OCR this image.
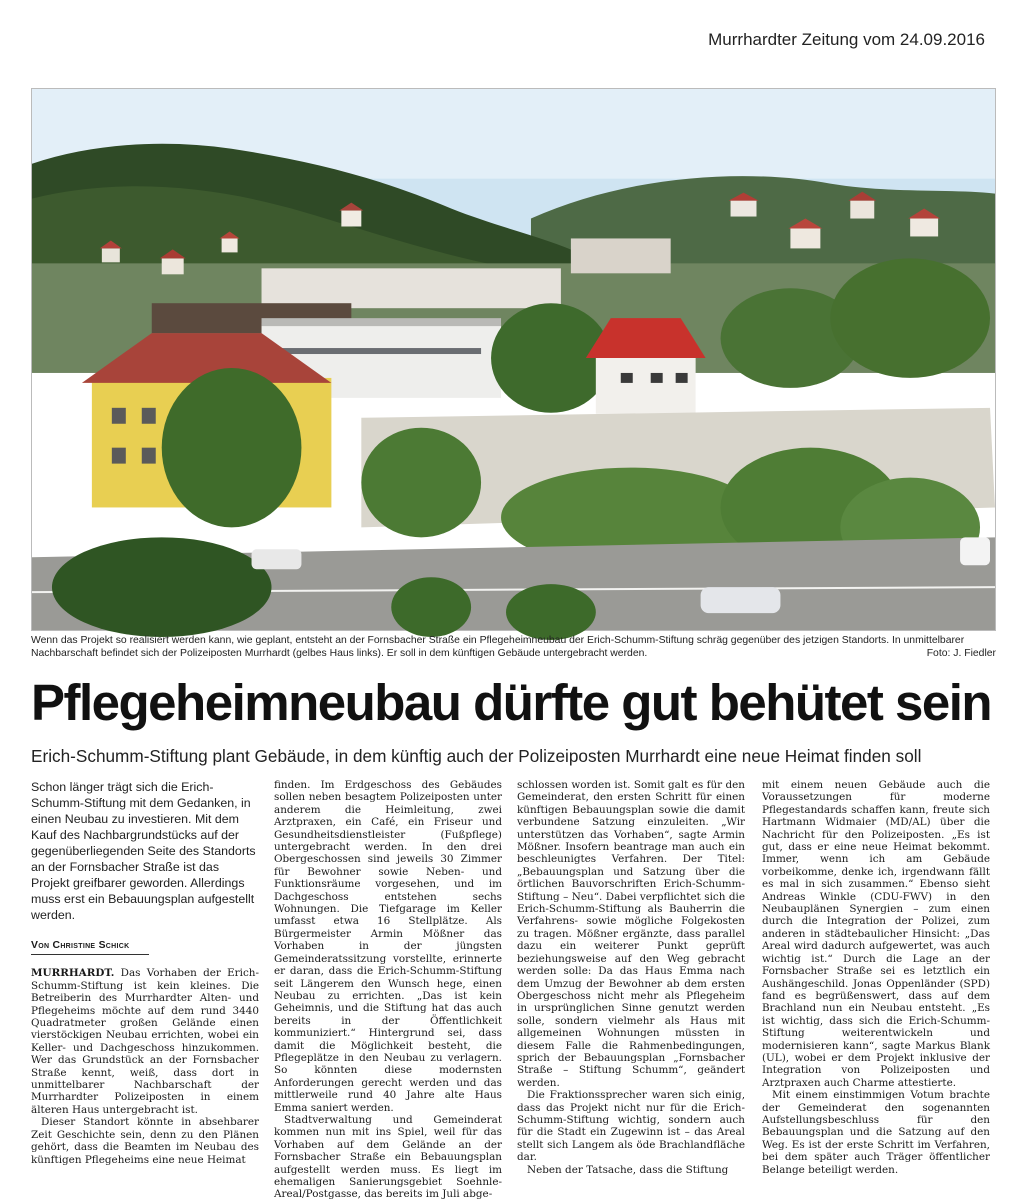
Murrhardter Zeitung vom 24.09.2016
Wenn das Projekt so realisiert werden kann, wie geplant, entsteht an der Fornsbacher Straße ein Pflegeheimneubau der Erich-Schumm-Stiftung schräg gegenüber des jetzigen Standorts. In unmittelbarer Nachbarschaft befindet sich der Polizeiposten Murrhardt (gelbes Haus links). Er soll in dem künftigen Gebäude untergebracht werden.	Foto: J. Fiedler
Pflegeheimneubau dürfte gut behütet sein
Erich-Schumm-Stiftung plant Gebäude, in dem künftig auch der Polizeiposten Murrhardt eine neue Heimat finden soll

Schon länger trägt sich die Erich-Schumm-Stiftung mit dem Gedanken, in einen Neubau zu investieren. Mit dem Kauf des Nachbargrundstücks auf der gegenüberliegenden Seite des Standorts an der Fornsbacher Straße ist das Projekt greifbarer geworden. Allerdings muss erst ein Bebauungsplan aufgestellt werden.

Von Christine Schick

MURRHARDT. Das Vorhaben der Erich-Schumm-Stiftung ist kein kleines. Die Betreiberin des Murrhardter Alten- und Pflegeheims möchte auf dem rund 3440 Quadratmeter großen Gelände einen vierstöckigen Neubau errichten, wobei ein Keller- und Dachgeschoss hinzukommen. Wer das Grundstück an der Fornsbacher Straße kennt, weiß, dass dort in unmittelbarer Nachbarschaft der Murrhardter Polizeiposten in einem älteren Haus untergebracht ist.

Dieser Standort könnte in absehbarer Zeit Geschichte sein, denn zu den Plänen gehört, dass die Beamten im Neubau des künftigen Pflegeheims eine neue Heimat

finden. Im Erdgeschoss des Gebäudes sollen neben besagtem Polizeiposten unter anderem die Heimleitung, zwei Arztpraxen, ein Café, ein Friseur und Gesundheitsdienstleister (Fußpflege) untergebracht werden. In den drei Obergeschossen sind jeweils 30 Zimmer für Bewohner sowie Neben- und Funktionsräume vorgesehen, und im Dachgeschoss entstehen sechs Wohnungen. Die Tiefgarage im Keller umfasst etwa 16 Stellplätze. Als Bürgermeister Armin Mößner das Vorhaben in der jüngsten Gemeinderatssitzung vorstellte, erinnerte er daran, dass die Erich-Schumm-Stiftung seit Längerem den Wunsch hege, einen Neubau zu errichten. „Das ist kein Geheimnis, und die Stiftung hat das auch bereits in der Öffentlichkeit kommuniziert.“ Hintergrund sei, dass damit die Möglichkeit besteht, die Pflegeplätze in den Neubau zu verlagern. So könnten diese modernsten Anforderungen gerecht werden und das mittlerweile rund 40 Jahre alte Haus Emma saniert werden.

Stadtverwaltung und Gemeinderat kommen nun mit ins Spiel, weil für das Vorhaben auf dem Gelände an der Fornsbacher Straße ein Bebauungsplan aufgestellt werden muss. Es liegt im ehemaligen Sanierungsgebiet Soehnle-Areal/Postgasse, das bereits im Juli abge-

schlossen worden ist. Somit galt es für den Gemeinderat, den ersten Schritt für einen künftigen Bebauungsplan sowie die damit verbundene Satzung einzuleiten. „Wir unterstützen das Vorhaben“, sagte Armin Mößner. Insofern beantrage man auch ein beschleunigtes Verfahren. Der Titel: „Bebauungsplan und Satzung über die örtlichen Bauvorschriften Erich-Schumm-Stiftung – Neu“. Dabei verpflichtet sich die Erich-Schumm-Stiftung als Bauherrin die Verfahrens- sowie mögliche Folgekosten zu tragen. Mößner ergänzte, dass parallel dazu ein weiterer Punkt geprüft beziehungsweise auf den Weg gebracht werden solle: Da das Haus Emma nach dem Umzug der Bewohner ab dem ersten Obergeschoss nicht mehr als Pflegeheim in ursprünglichen Sinne genutzt werden solle, sondern vielmehr als Haus mit allgemeinen Wohnungen müssten in diesem Falle die Rahmenbedingungen, sprich der Bebauungsplan „Fornsbacher Straße – Stiftung Schumm“, geändert werden.

Die Fraktionssprecher waren sich einig, dass das Projekt nicht nur für die Erich-Schumm-Stiftung wichtig, sondern auch für die Stadt ein Zugewinn ist – das Areal stellt sich Langem als öde Brachlandfläche dar.

Neben der Tatsache, dass die Stiftung

mit einem neuen Gebäude auch die Voraussetzungen für moderne Pflegestandards schaffen kann, freute sich Hartmann Widmaier (MD/AL) über die Nachricht für den Polizeiposten. „Es ist gut, dass er eine neue Heimat bekommt. Immer, wenn ich am Gebäude vorbeikomme, denke ich, irgendwann fällt es mal in sich zusammen.“ Ebenso sieht Andreas Winkle (CDU-FWV) in den Neubauplänen Synergien – zum einen durch die Integration der Polizei, zum anderen in städtebaulicher Hinsicht: „Das Areal wird dadurch aufgewertet, was auch wichtig ist.“ Durch die Lage an der Fornsbacher Straße sei es letztlich ein Aushängeschild. Jonas Oppenländer (SPD) fand es begrüßenswert, dass auf dem Brachland nun ein Neubau entsteht. „Es ist wichtig, dass sich die Erich-Schumm-Stiftung weiterentwickeln und modernisieren kann“, sagte Markus Blank (UL), wobei er dem Projekt inklusive der Integration von Polizeiposten und Arztpraxen auch Charme attestierte.

Mit einem einstimmigen Votum brachte der Gemeinderat den sogenannten Aufstellungsbeschluss für den Bebauungsplan und die Satzung auf den Weg. Es ist der erste Schritt im Verfahren, bei dem später auch Träger öffentlicher Belange beteiligt werden.
